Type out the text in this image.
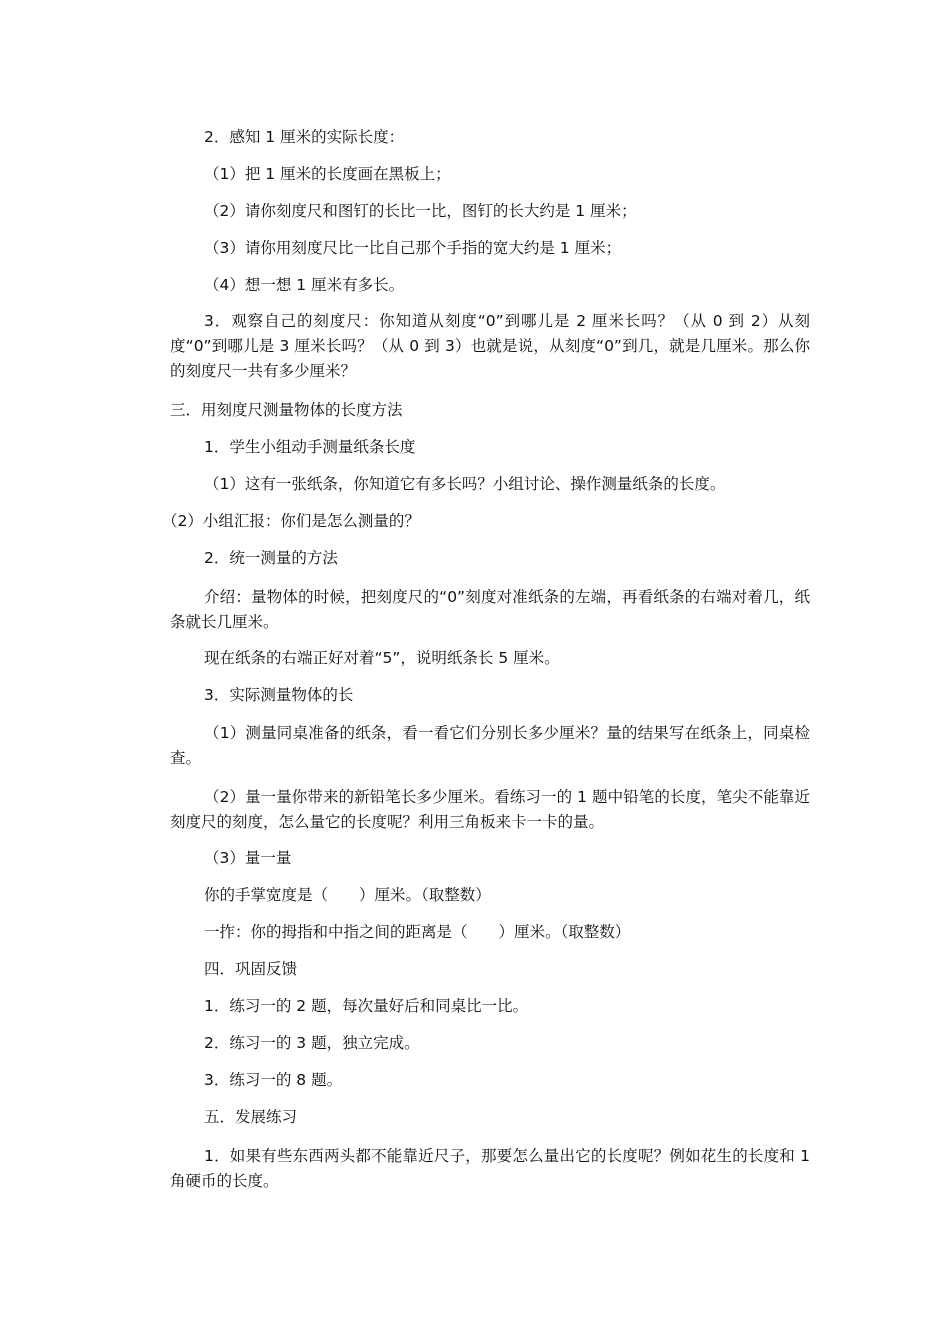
2．感知 1 厘米的实际长度：

（1）把 1 厘米的长度画在黑板上；

（2）请你刻度尺和图钉的长比一比，图钉的长大约是 1 厘米；

（3）请你用刻度尺比一比自己那个手指的宽大约是 1 厘米；

（4）想一想 1 厘米有多长。

3．观察自己的刻度尺：你知道从刻度“0”到哪儿是 2 厘米长吗？（从 0 到 2）从刻度“0”到哪儿是 3 厘米长吗？（从 0 到 3）也就是说，从刻度“0”到几，就是几厘米。那么你的刻度尺一共有多少厘米？

三．用刻度尺测量物体的长度方法

1．学生小组动手测量纸条长度

（1）这有一张纸条，你知道它有多长吗？小组讨论、操作测量纸条的长度。

（2）小组汇报：你们是怎么测量的？

2．统一测量的方法

介绍：量物体的时候，把刻度尺的“0”刻度对准纸条的左端，再看纸条的右端对着几，纸条就长几厘米。

现在纸条的右端正好对着“5”，说明纸条长 5 厘米。

3．实际测量物体的长

（1）测量同桌准备的纸条，看一看它们分别长多少厘米？量的结果写在纸条上，同桌检查。

（2）量一量你带来的新铅笔长多少厘米。看练习一的 1 题中铅笔的长度，笔尖不能靠近刻度尺的刻度，怎么量它的长度呢？利用三角板来卡一卡的量。

（3）量一量

你的手掌宽度是（　　）厘米。（取整数）

一拃：你的拇指和中指之间的距离是（　　）厘米。（取整数）

四．巩固反馈

1．练习一的 2 题，每次量好后和同桌比一比。

2．练习一的 3 题，独立完成。

3．练习一的 8 题。

五．发展练习

1．如果有些东西两头都不能靠近尺子，那要怎么量出它的长度呢？例如花生的长度和 1 角硬币的长度。
